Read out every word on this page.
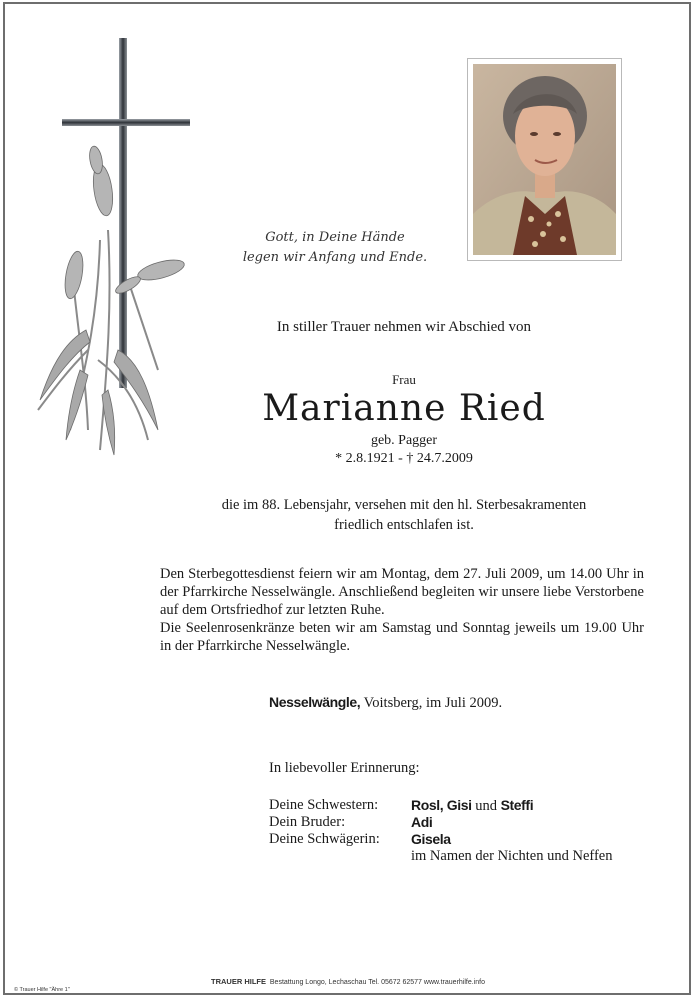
Gott, in Deine Hände
legen wir Anfang und Ende.
In stiller Trauer nehmen wir Abschied von
Frau
Marianne Ried
geb. Pagger
* 2.8.1921 - † 24.7.2009
die im 88. Lebensjahr, versehen mit den hl. Sterbesakramenten
friedlich entschlafen ist.
Den Sterbegottesdienst feiern wir am Montag, dem 27. Juli 2009, um 14.00 Uhr in der Pfarrkirche Nesselwängle. Anschließend begleiten wir unsere liebe Verstorbene auf dem Ortsfriedhof zur letzten Ruhe.
Die Seelenrosenkränze beten wir am Samstag und Sonntag jeweils um 19.00 Uhr in der Pfarrkirche Nesselwängle.
Nesselwängle, Voitsberg, im Juli 2009.
In liebevoller Erinnerung:
Deine Schwestern: Rosl, Gisi und Steffi
Dein Bruder:	Adi
Deine Schwägerin: Gisela
im Namen der Nichten und Neffen
TRAUER HILFE Bestattung Longo, Lechaschau Tel. 05672 62577 www.trauerhilfe.info
© Trauer Hilfe "Ähre 1"
